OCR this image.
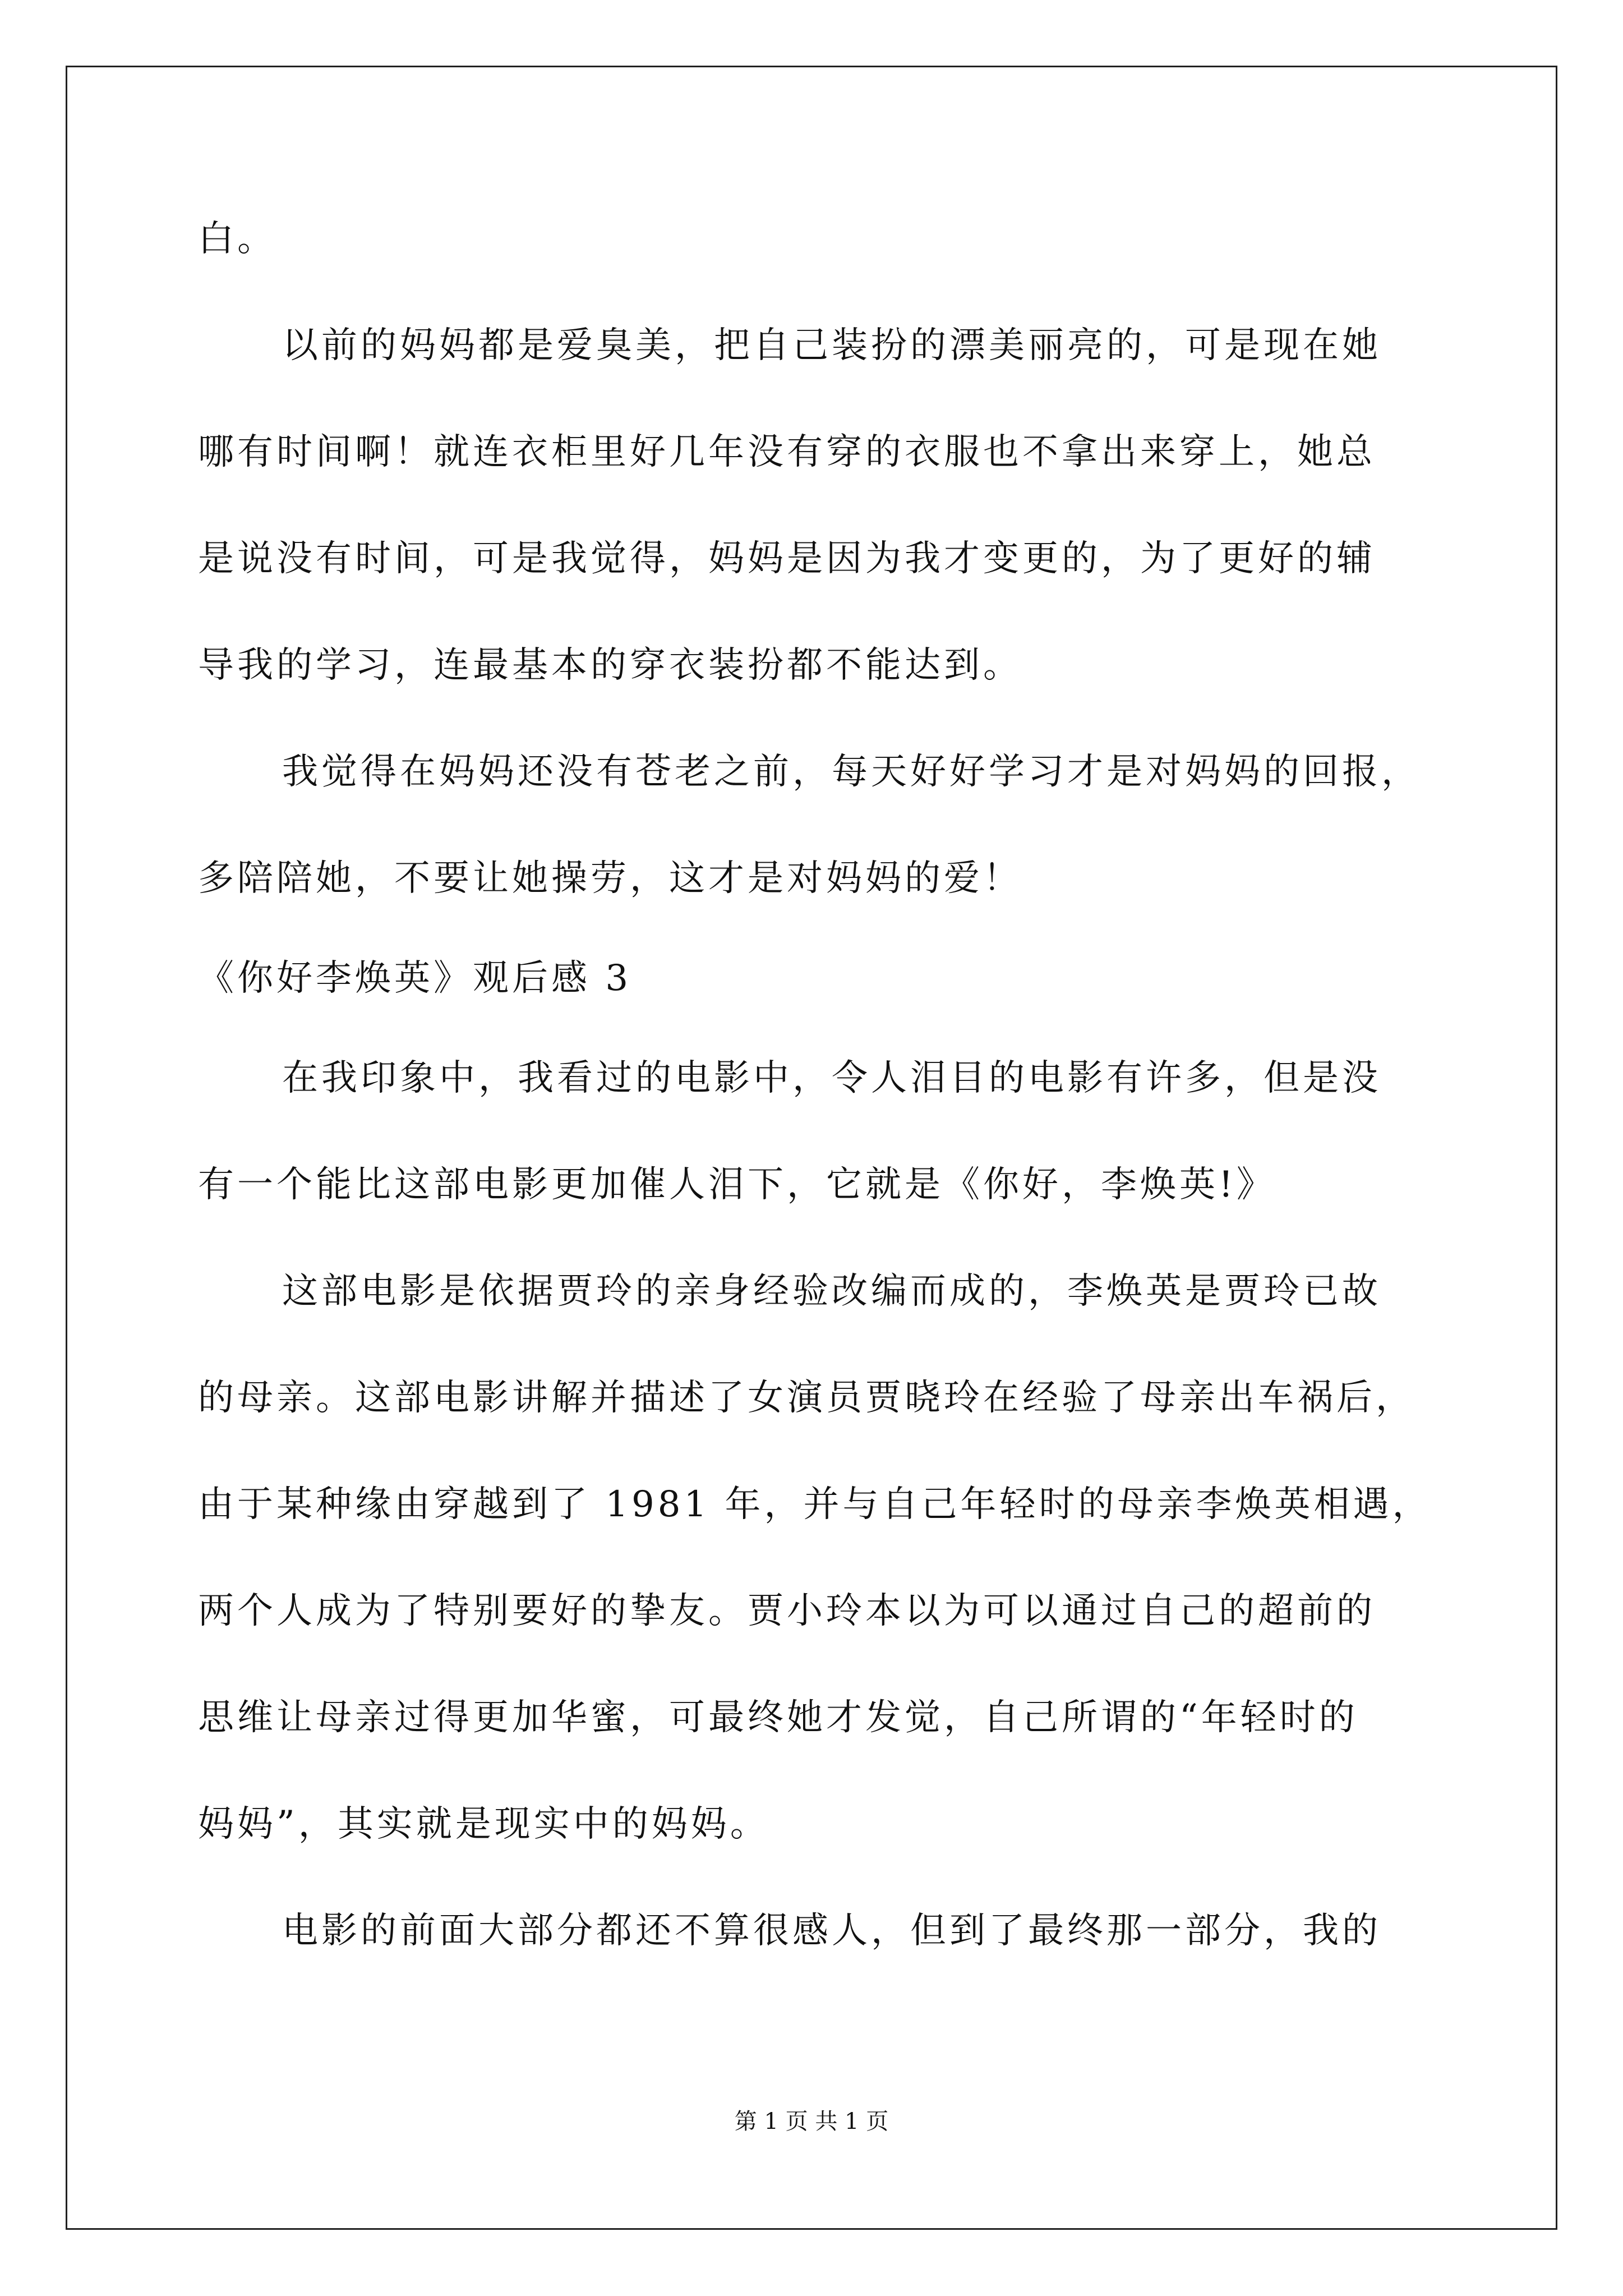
白。
以前的妈妈都是爱臭美，把自己装扮的漂美丽亮的，可是现在她
哪有时间啊！就连衣柜里好几年没有穿的衣服也不拿出来穿上，她总
是说没有时间，可是我觉得，妈妈是因为我才变更的，为了更好的辅
导我的学习，连最基本的穿衣装扮都不能达到。
我觉得在妈妈还没有苍老之前，每天好好学习才是对妈妈的回报，
多陪陪她，不要让她操劳，这才是对妈妈的爱！
《你好李焕英》观后感 3
在我印象中，我看过的电影中，令人泪目的电影有许多，但是没
有一个能比这部电影更加催人泪下，它就是《你好，李焕英!》
这部电影是依据贾玲的亲身经验改编而成的，李焕英是贾玲已故
的母亲。这部电影讲解并描述了女演员贾晓玲在经验了母亲出车祸后，
由于某种缘由穿越到了 1981 年，并与自己年轻时的母亲李焕英相遇，
两个人成为了特别要好的挚友。贾小玲本以为可以通过自己的超前的
思维让母亲过得更加华蜜，可最终她才发觉，自己所谓的“年轻时的
妈妈”，其实就是现实中的妈妈。
电影的前面大部分都还不算很感人，但到了最终那一部分，我的
第 1 页 共 1 页
